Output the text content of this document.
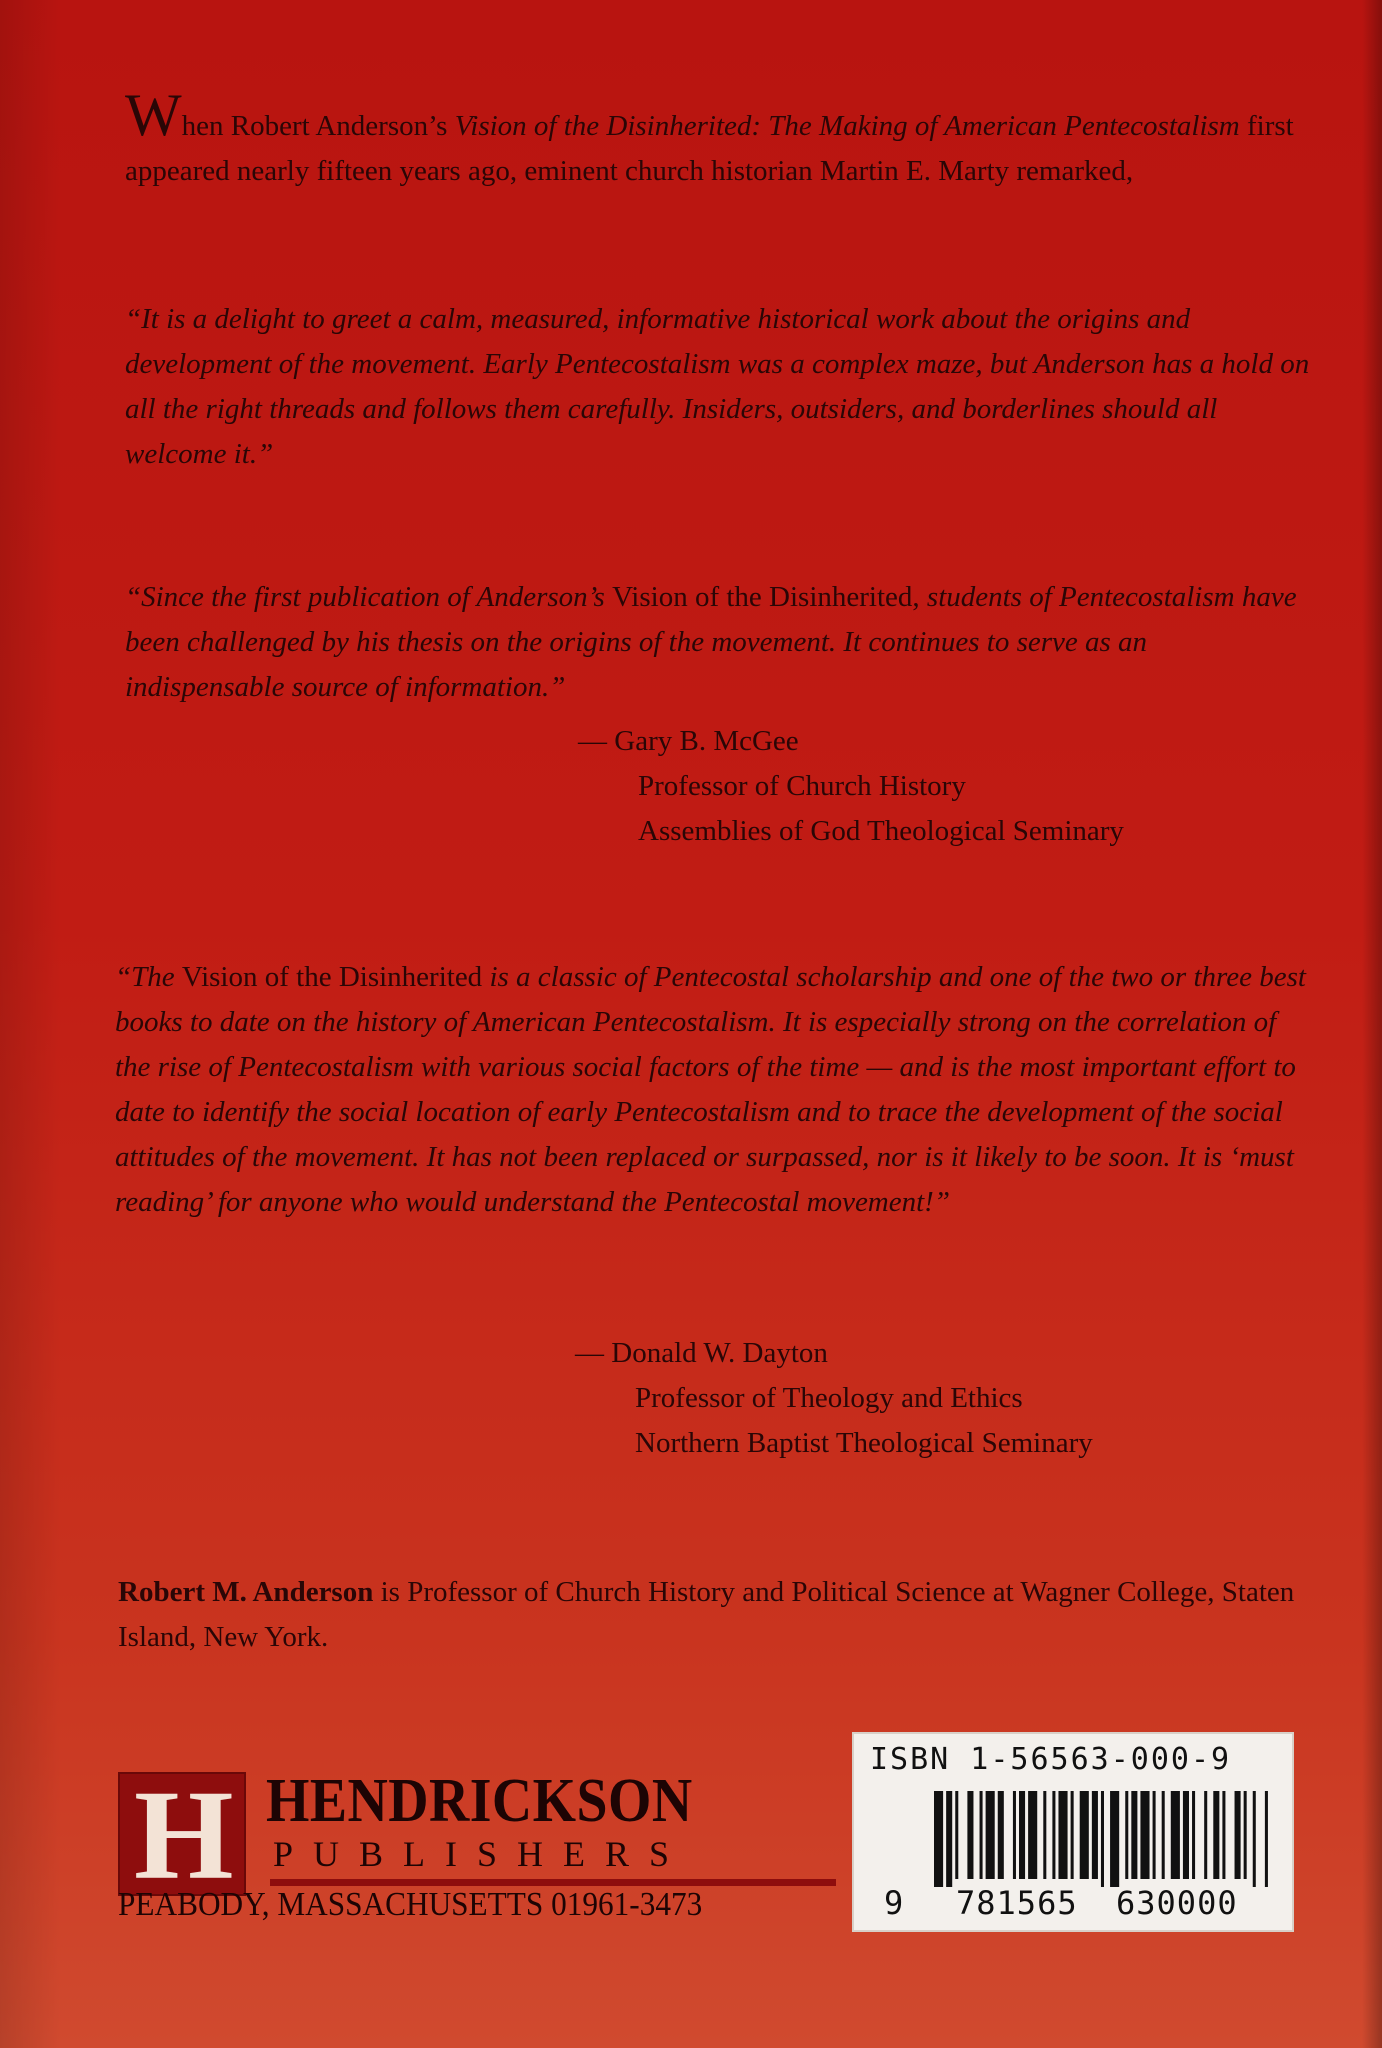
When Robert Anderson’s Vision of the Disinherited: The Making of American Pentecostalism first appeared nearly fifteen years ago, eminent church historian Martin E. Marty remarked,

“It is a delight to greet a calm, measured, informative historical work about the origins and development of the movement. Early Pentecostalism was a complex maze, but Anderson has a hold on all the right threads and follows them carefully. Insiders, outsiders, and borderlines should all welcome it.”

“Since the first publication of Anderson’s Vision of the Disinherited, students of Pentecostalism have been challenged by his thesis on the origins of the movement. It continues to serve as an indispensable source of information.”

— Gary B. McGee
Professor of Church History
Assemblies of God Theological Seminary

“The Vision of the Disinherited is a classic of Pentecostal scholarship and one of the two or three best books to date on the history of American Pentecostalism. It is especially strong on the correlation of the rise of Pentecostalism with various social factors of the time — and is the most important effort to date to identify the social location of early Pentecostalism and to trace the development of the social attitudes of the movement. It has not been replaced or surpassed, nor is it likely to be soon. It is ‘must reading’ for anyone who would understand the Pentecostal movement!”

— Donald W. Dayton
Professor of Theology and Ethics
Northern Baptist Theological Seminary

Robert M. Anderson is Professor of Church History and Political Science at Wagner College, Staten Island, New York.

H HENDRICKSON
PUBLISHERS
PEABODY, MASSACHUSETTS 01961-3473
ISBN 1-56563-000-9
9 781565 630000
